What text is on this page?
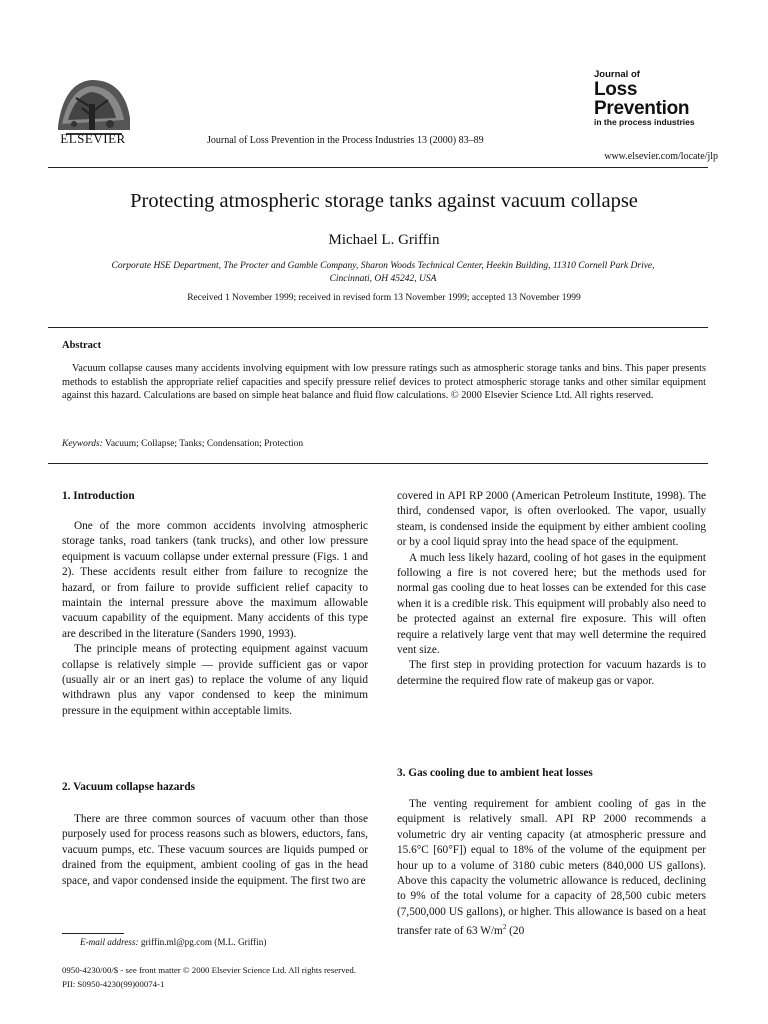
ELSEVIER	Journal of Loss Prevention in the Process Industries 13 (2000) 83–89
Journal of
Loss
Prevention
in the process industries
www.elsevier.com/locate/jlp
Protecting atmospheric storage tanks against vacuum collapse
Michael L. Griffin
Corporate HSE Department, The Procter and Gamble Company, Sharon Woods Technical Center, Heekin Building, 11310 Cornell Park Drive,
Cincinnati, OH 45242, USA
Received 1 November 1999; received in revised form 13 November 1999; accepted 13 November 1999
Abstract
Vacuum collapse causes many accidents involving equipment with low pressure ratings such as atmospheric storage tanks and bins. This paper presents methods to establish the appropriate relief capacities and specify pressure relief devices to protect atmospheric storage tanks and other similar equipment against this hazard. Calculations are based on simple heat balance and fluid flow calculations. © 2000 Elsevier Science Ltd. All rights reserved.
Keywords: Vacuum; Collapse; Tanks; Condensation; Protection
1. Introduction

One of the more common accidents involving atmospheric storage tanks, road tankers (tank trucks), and other low pressure equipment is vacuum collapse under external pressure (Figs. 1 and 2). These accidents result either from failure to recognize the hazard, or from failure to provide sufficient relief capacity to maintain the internal pressure above the maximum allowable vacuum capability of the equipment. Many accidents of this type are described in the literature (Sanders 1990, 1993).

The principle means of protecting equipment against vacuum collapse is relatively simple — provide sufficient gas or vapor (usually air or an inert gas) to replace the volume of any liquid withdrawn plus any vapor condensed to keep the minimum pressure in the equipment within acceptable limits.

2. Vacuum collapse hazards

There are three common sources of vacuum other than those purposely used for process reasons such as blowers, eductors, fans, vacuum pumps, etc. These vacuum sources are liquids pumped or drained from the equipment, ambient cooling of gas in the head space, and vapor condensed inside the equipment. The first two are

covered in API RP 2000 (American Petroleum Institute, 1998). The third, condensed vapor, is often overlooked. The vapor, usually steam, is condensed inside the equipment by either ambient cooling or by a cool liquid spray into the head space of the equipment.

A much less likely hazard, cooling of hot gases in the equipment following a fire is not covered here; but the methods used for normal gas cooling due to heat losses can be extended for this case when it is a credible risk. This equipment will probably also need to be protected against an external fire exposure. This will often require a relatively large vent that may well determine the required vent size.

The first step in providing protection for vacuum hazards is to determine the required flow rate of makeup gas or vapor.

3. Gas cooling due to ambient heat losses

The venting requirement for ambient cooling of gas in the equipment is relatively small. API RP 2000 recommends a volumetric dry air venting capacity (at atmospheric pressure and 15.6°C [60°F]) equal to 18% of the volume of the equipment per hour up to a volume of 3180 cubic meters (840,000 US gallons). Above this capacity the volumetric allowance is reduced, declining to 9% of the total volume for a capacity of 28,500 cubic meters (7,500,000 US gallons), or higher. This allowance is based on a heat transfer rate of 63 $W/m^2$ (20

E-mail address: griffin.ml@pg.com (M.L. Griffin)
0950-4230/00/$ - see front matter © 2000 Elsevier Science Ltd. All rights reserved.
PII: S0950-4230(99)00074-1
